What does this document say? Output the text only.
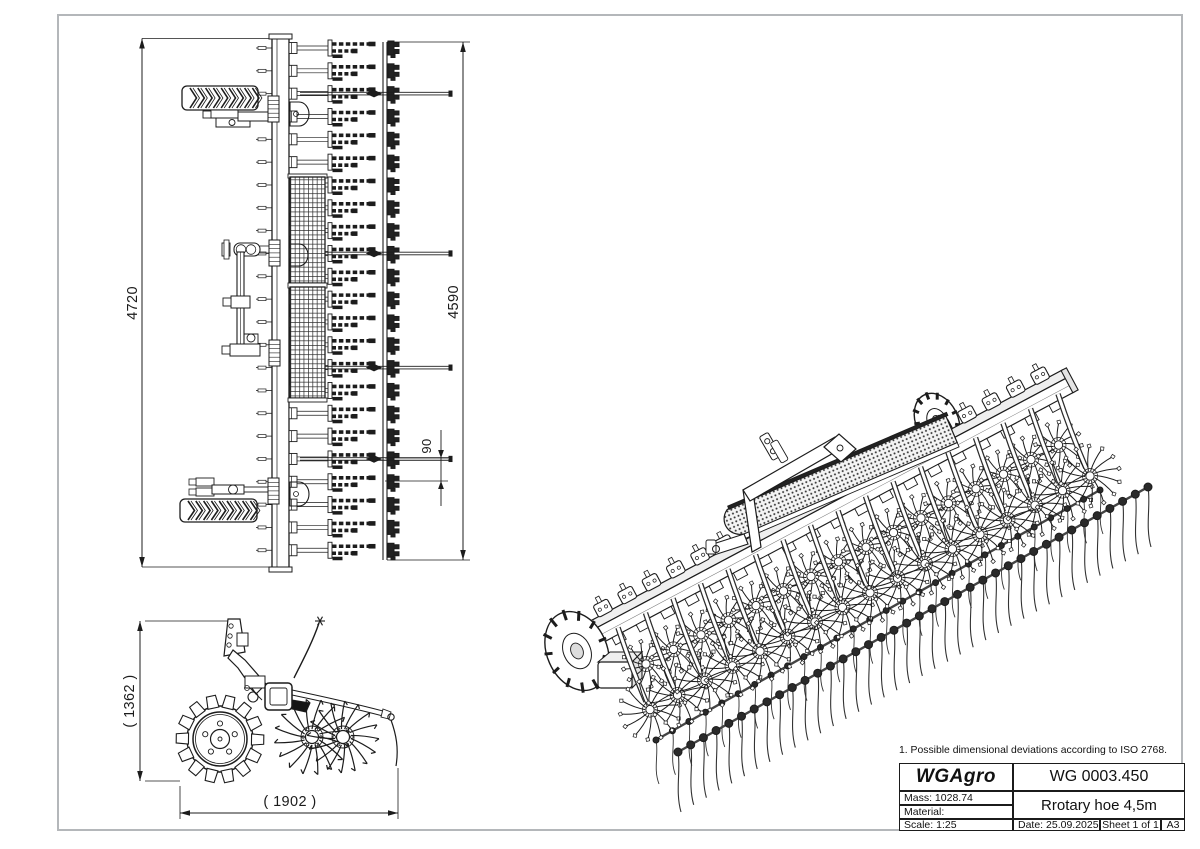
4720	4590
90
( 1362 )
( 1902 )
1. Possible dimensional deviations according to ISO 2768.
WGAgro	WG 0003.450
Mass: 1028.74
Material:
Scale: 1:25
Rrotary hoe 4,5m
Date: 25.09.2025 Sheet 1 of 1 A3
